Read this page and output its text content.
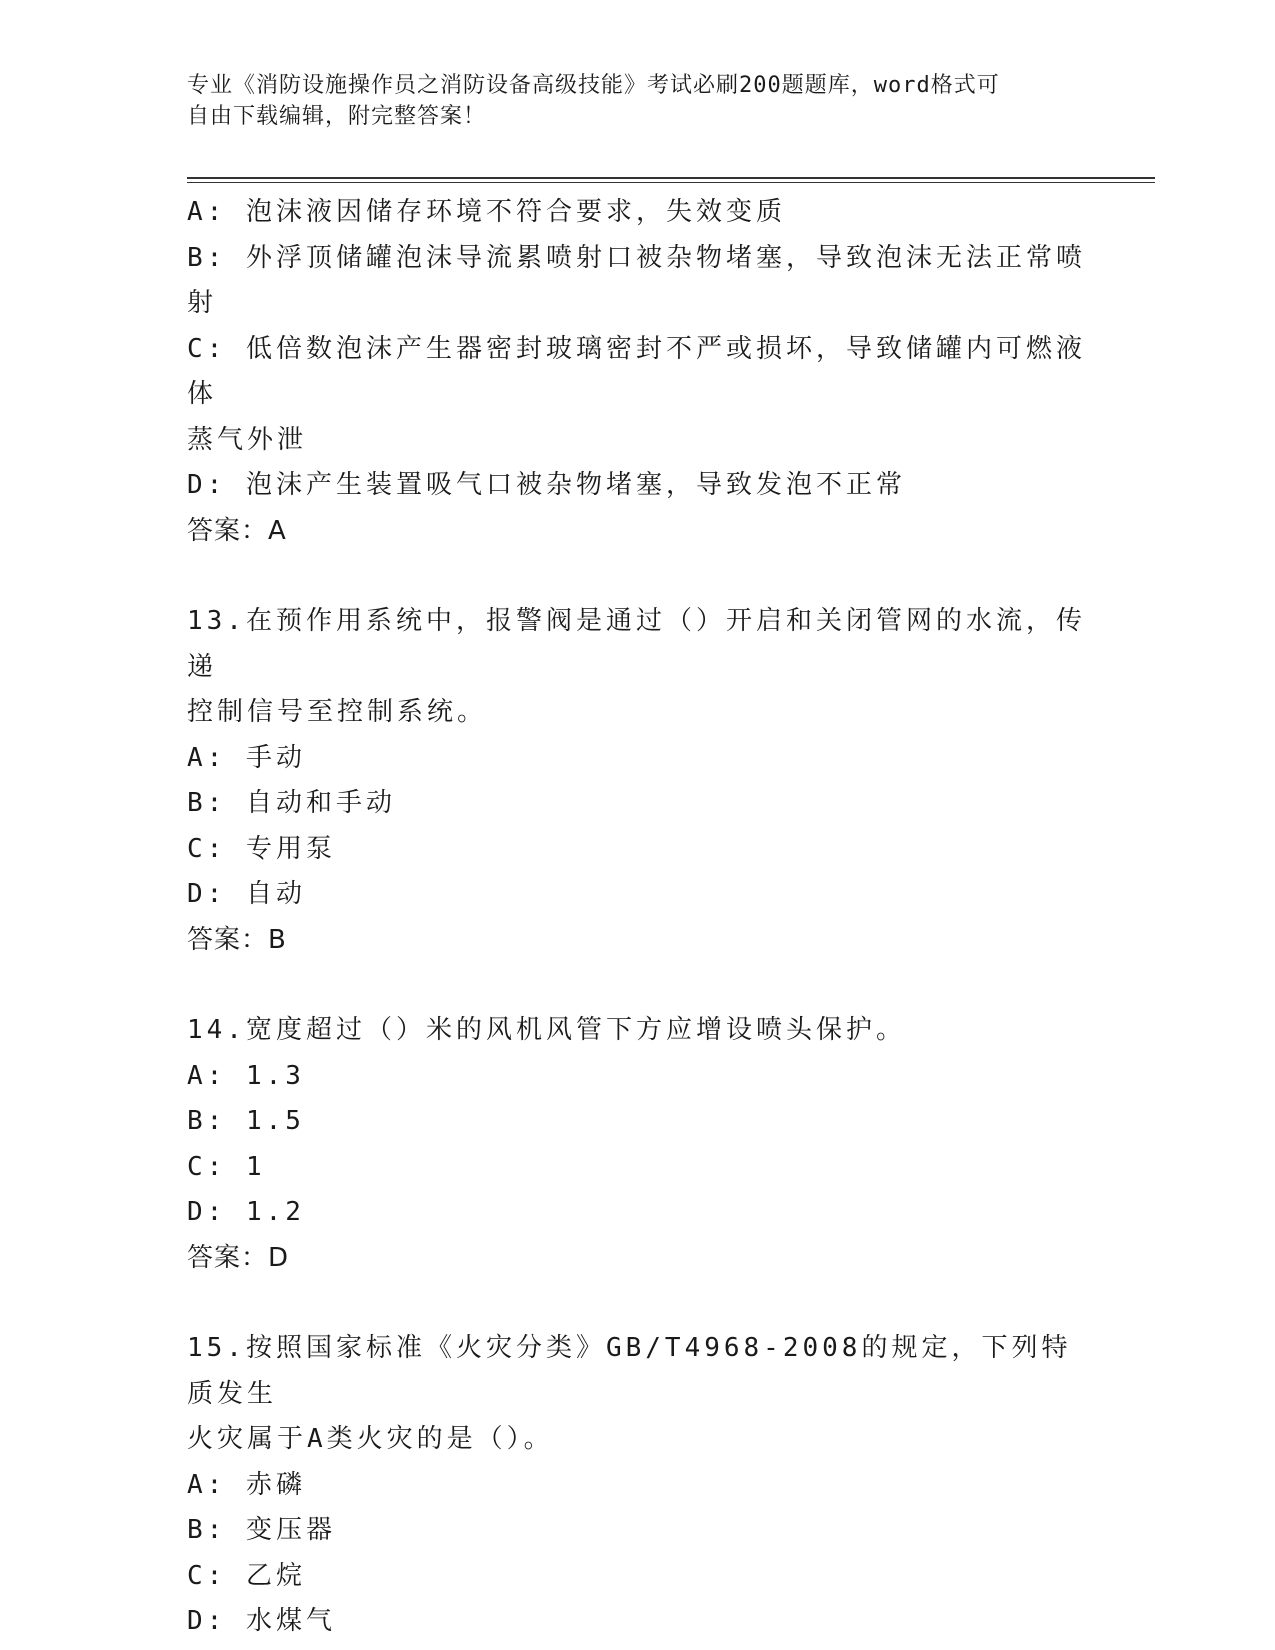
专业《消防设施操作员之消防设备高级技能》考试必刷200题题库，word格式可
自由下载编辑，附完整答案！

A: 泡沫液因储存环境不符合要求，失效变质

B: 外浮顶储罐泡沫导流累喷射口被杂物堵塞，导致泡沫无法正常喷射

C: 低倍数泡沫产生器密封玻璃密封不严或损坏，导致储罐内可燃液体

蒸气外泄

D: 泡沫产生装置吸气口被杂物堵塞，导致发泡不正常

答案：A

13.在预作用系统中，报警阀是通过（）开启和关闭管网的水流，传递

控制信号至控制系统。

A: 手动

B: 自动和手动

C: 专用泵

D: 自动

答案：B

14.宽度超过（）米的风机风管下方应增设喷头保护。

A: 1.3

B: 1.5

C: 1

D: 1.2

答案：D

15.按照国家标准《火灾分类》GB/T4968-2008的规定，下列特质发生

火灾属于A类火灾的是（）。

A: 赤磷

B: 变压器

C: 乙烷

D: 水煤气
